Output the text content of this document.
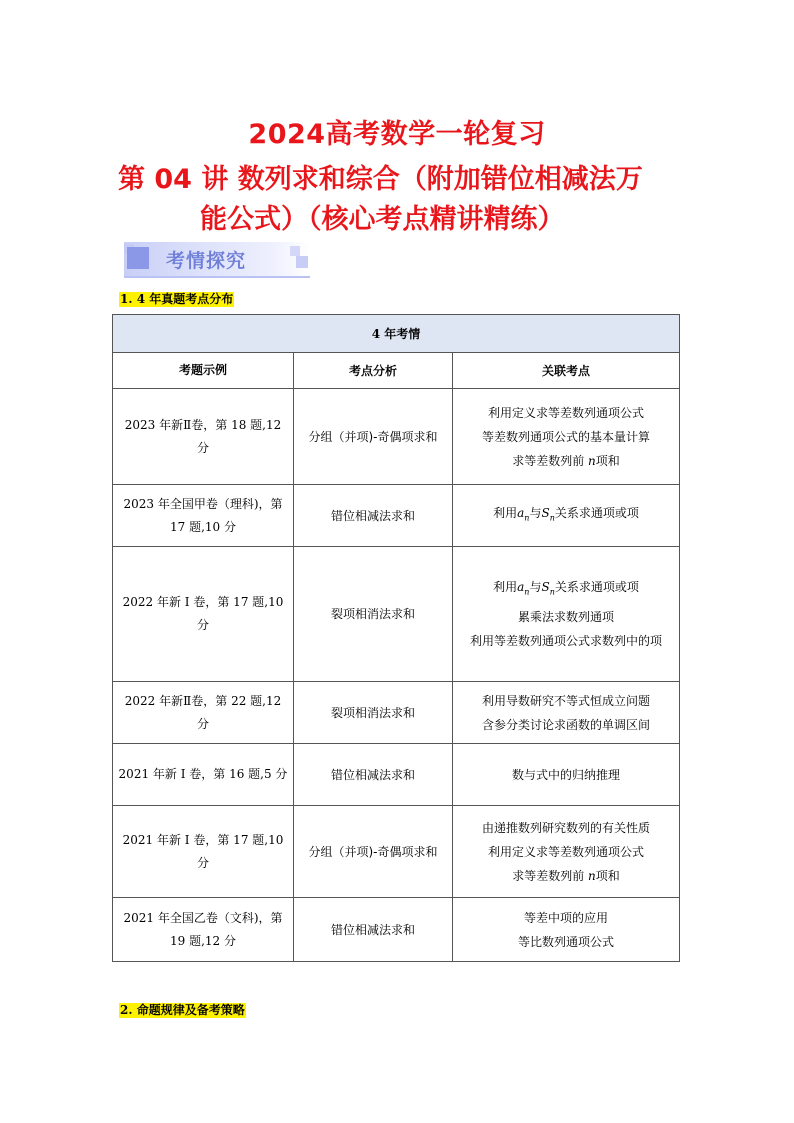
2024高考数学一轮复习
第 04 讲 数列求和综合（附加错位相减法万
能公式）（核心考点精讲精练）
考情探究
1. 4 年真题考点分布
4 年考情		
考题示例	考点分析	关联考点
2023 年新Ⅱ卷，第 18 题,12 分	分组（并项)-奇偶项求和	利用定义求等差数列通项公式
等差数列通项公式的基本量计算
求等差数列前 n项和

2023 年全国甲卷（理科)，第 17 题,10 分	错位相减法求和	利用$a_n$与$S_n$关系求通项或项

2022 年新 I 卷，第 17 题,10 分	裂项相消法求和	利用$a_n$与$S_n$关系求通项或项
累乘法求数列通项
利用等差数列通项公式求数列中的项

2022 年新Ⅱ卷，第 22 题,12 分	裂项相消法求和	利用导数研究不等式恒成立问题
含参分类讨论求函数的单调区间

2021 年新 I 卷，第 16 题,5 分	错位相减法求和	数与式中的归纳推理

2021 年新 I 卷，第 17 题,10 分	分组（并项)-奇偶项求和	由递推数列研究数列的有关性质
利用定义求等差数列通项公式
求等差数列前 n项和

2021 年全国乙卷（文科)，第 19 题,12 分	错位相减法求和	等差中项的应用
等比数列通项公式
2. 命题规律及备考策略
